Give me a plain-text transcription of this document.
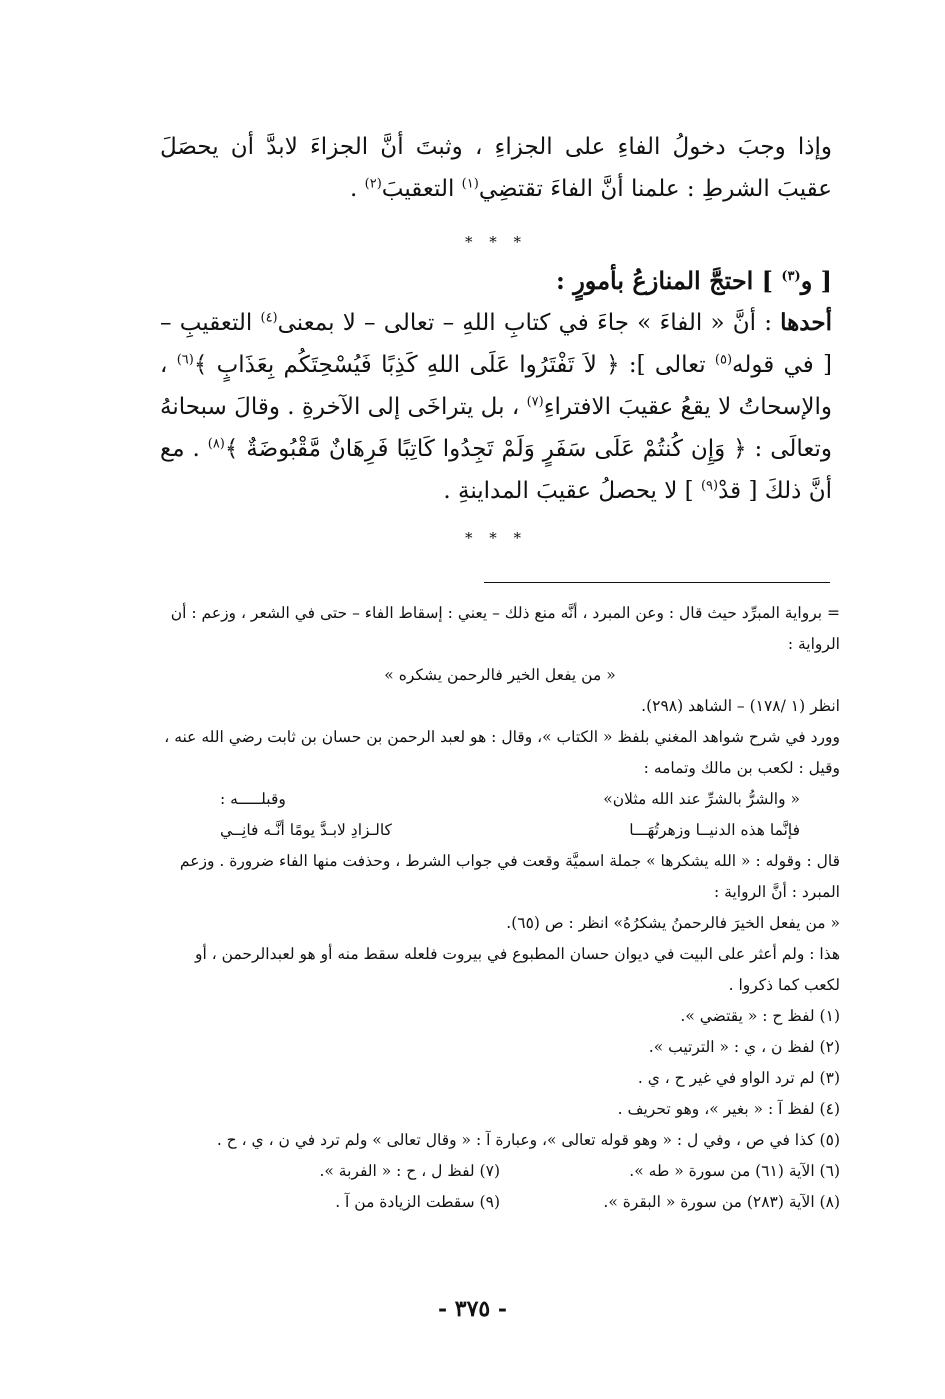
وإذا وجبَ دخولُ الفاءِ على الجزاءِ ، وثبتَ أنَّ الجزاءَ لابدَّ أن يحصَلَ عقيبَ الشرطِ : علمنا أنَّ الفاءَ تقتضِي$^{(١)}$ التعقيبَ$^{(٢)}$ .

* * *

[ و$^{(٣)}$ ] احتجَّ المنازعُ بأمورٍ :

أحدها : أنَّ « الفاءَ » جاءَ في كتابِ اللهِ – تعالى – لا بمعنى$^{(٤)}$ التعقيبِ – [ في قوله$^{(٥)}$ تعالى ]: ﴿ لاَ تَفْتَرُوا عَلَى اللهِ كَذِبًا فَيُسْحِتَكُم بِعَذَابٍ ﴾$^{(٦)}$ ، والإسحاتُ لا يقعُ عقيبَ الافتراءِ$^{(٧)}$ ، بل يتراخَى إلى الآخرةِ . وقالَ سبحانهُ وتعالَى : ﴿ وَإِن كُنتُمْ عَلَى سَفَرٍ وَلَمْ تَجِدُوا كَاتِبًا فَرِهَانٌ مَّقْبُوضَةٌ ﴾$^{(٨)}$ . مع أنَّ ذلكَ [ قدْ$^{(٩)}$ ] لا يحصلُ عقيبَ المداينةِ .

* * *

= برواية المبرِّد حيث قال : وعن المبرد ، أنَّه منع ذلك – يعني : إسقاط الفاء – حتى في الشعر ، وزعم : أن الرواية :

« من يفعل الخير فالرحمن يشكره »

انظر (١ /١٧٨) – الشاهد (٢٩٨).

وورد في شرح شواهد المغني بلفظ « الكتاب »، وقال : هو لعبد الرحمن بن حسان بن ثابت رضي الله عنه ، وقيل : لكعب بن مالك وتمامه :

« والشرُّ بالشرِّ عند الله مثلان»
وقبلـــــه :
فإنَّما هذه الدنيــا وزهرتُهَـــا
كالـزادِ لابـدَّ يومًا أنَّـه فانِــي

قال : وقوله : « الله يشكرها » جملة اسميَّة وقعت في جواب الشرط ، وحذفت منها الفاء ضرورة . وزعم المبرد : أنَّ الرواية :

« من يفعل الخيرَ فالرحمنُ يشكرُهُ» انظر : ص (٦٥).

هذا : ولم أعثر على البيت في ديوان حسان المطبوع في بيروت فلعله سقط منه أو هو لعبدالرحمن ، أو لكعب كما ذكروا .

(١) لفظ ح : « يقتضي ».

(٢) لفظ ن ، ي : « الترتيب ».

(٣) لم ترد الواو في غير ح ، ي .

(٤) لفظ آ : « بغير »، وهو تحريف .

(٥) كذا في ص ، وفي ل : « وهو قوله تعالى »، وعبارة آ : « وقال تعالى » ولم ترد في ن ، ي ، ح .

(٦) الآية (٦١) من سورة « طه ».
(٧) لفظ ل ، ح : « الفربة ».
(٨) الآية (٢٨٣) من سورة « البقرة ».
(٩) سقطت الزيادة من آ .
- ٣٧٥ -
